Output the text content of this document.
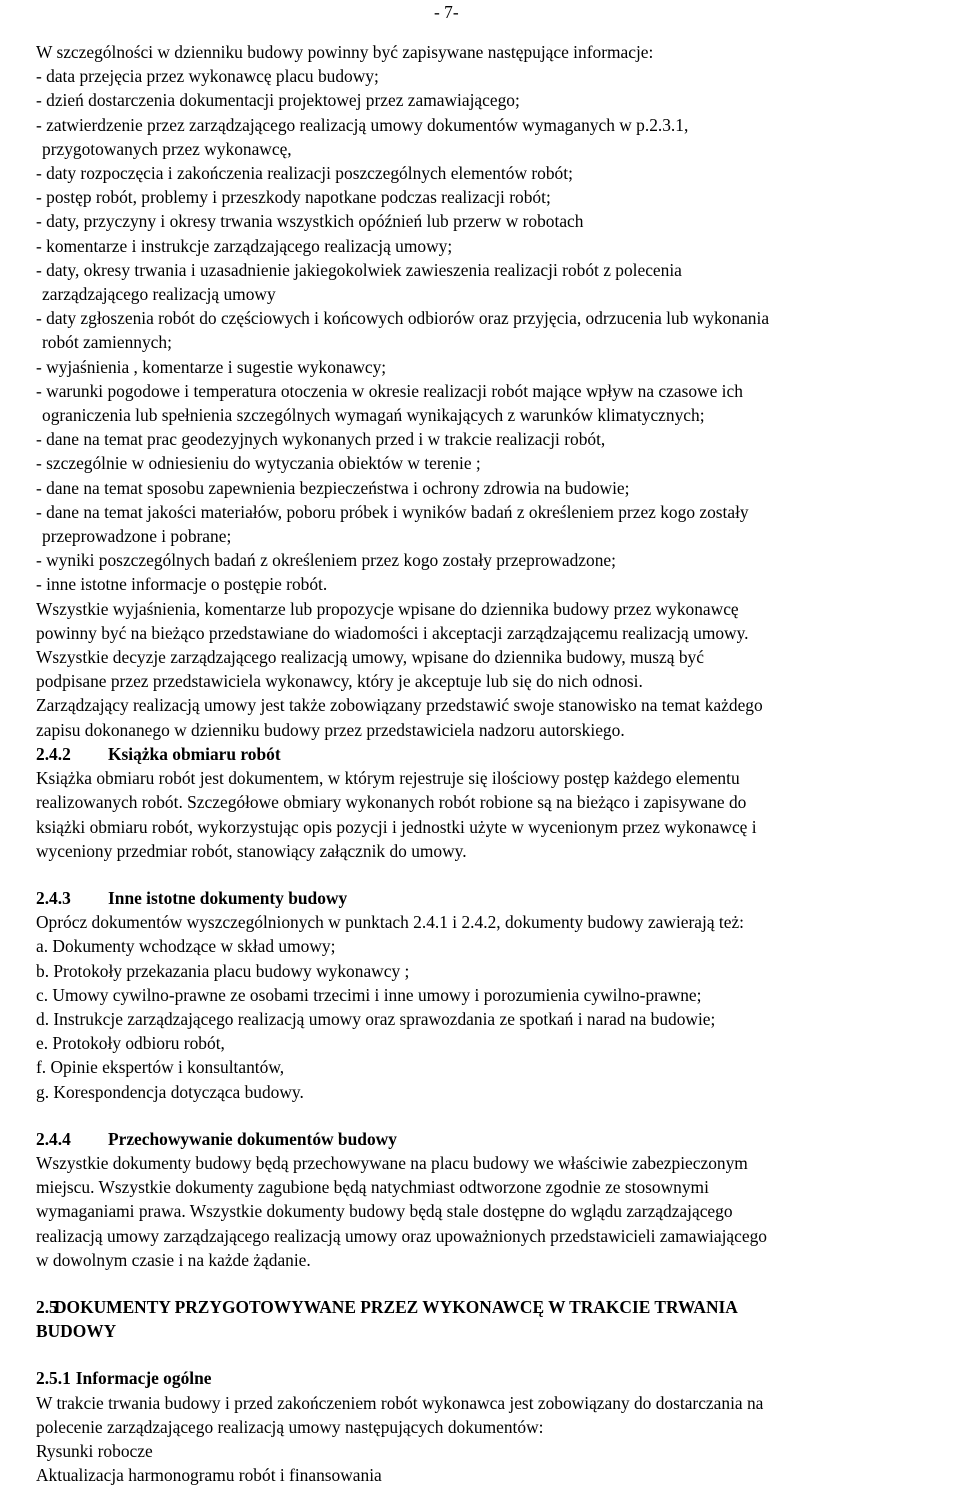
- 7-
W szczególności w dzienniku budowy powinny być zapisywane następujące informacje:
- data przejęcia przez wykonawcę placu budowy;
- dzień dostarczenia dokumentacji projektowej przez zamawiającego;
- zatwierdzenie przez zarządzającego realizacją umowy dokumentów wymaganych w p.2.3.1,
przygotowanych przez wykonawcę,
- daty rozpoczęcia i zakończenia realizacji poszczególnych elementów robót;
- postęp robót, problemy i przeszkody napotkane podczas realizacji robót;
- daty, przyczyny i okresy trwania wszystkich opóźnień lub przerw w robotach
- komentarze i instrukcje zarządzającego realizacją umowy;
- daty, okresy trwania i uzasadnienie jakiegokolwiek zawieszenia realizacji robót z polecenia
zarządzającego realizacją umowy
- daty zgłoszenia robót do częściowych i końcowych odbiorów oraz przyjęcia, odrzucenia lub wykonania
robót zamiennych;
- wyjaśnienia , komentarze i sugestie wykonawcy;
- warunki pogodowe i temperatura otoczenia w okresie realizacji robót mające wpływ na czasowe ich
ograniczenia lub spełnienia szczególnych wymagań wynikających z warunków klimatycznych;
- dane na temat prac geodezyjnych wykonanych przed i w trakcie realizacji robót,
- szczególnie w odniesieniu do wytyczania obiektów w terenie ;
- dane na temat sposobu zapewnienia bezpieczeństwa i ochrony zdrowia na budowie;
- dane na temat jakości materiałów, poboru próbek i wyników badań z określeniem przez kogo zostały
przeprowadzone i pobrane;
- wyniki poszczególnych badań z określeniem przez kogo zostały przeprowadzone;
- inne istotne informacje o postępie robót.
Wszystkie wyjaśnienia, komentarze lub propozycje wpisane do dziennika budowy przez wykonawcę
powinny być na bieżąco przedstawiane do wiadomości i akceptacji zarządzającemu realizacją umowy.
Wszystkie decyzje zarządzającego realizacją umowy, wpisane do dziennika budowy, muszą być
podpisane przez przedstawiciela wykonawcy, który je akceptuje lub się do nich odnosi.
Zarządzający realizacją umowy jest także zobowiązany przedstawić swoje stanowisko na temat każdego
zapisu dokonanego w dzienniku budowy przez przedstawiciela nadzoru autorskiego.
2.4.2 Książka obmiaru robót
Książka obmiaru robót jest dokumentem, w którym rejestruje się ilościowy postęp każdego elementu
realizowanych robót. Szczegółowe obmiary wykonanych robót robione są na bieżąco i zapisywane do
książki obmiaru robót, wykorzystując opis pozycji i jednostki użyte w wycenionym przez wykonawcę i
wyceniony przedmiar robót, stanowiący załącznik do umowy.
2.4.3 Inne istotne dokumenty budowy
Oprócz dokumentów wyszczególnionych w punktach 2.4.1 i 2.4.2, dokumenty budowy zawierają też:
a. Dokumenty wchodzące w skład umowy;
b. Protokoły przekazania placu budowy wykonawcy ;
c. Umowy cywilno-prawne ze osobami trzecimi i inne umowy i porozumienia cywilno-prawne;
d. Instrukcje zarządzającego realizacją umowy oraz sprawozdania ze spotkań i narad na budowie;
e. Protokoły odbioru robót,
f. Opinie ekspertów i konsultantów,
g. Korespondencja dotycząca budowy.
2.4.4 Przechowywanie dokumentów budowy
Wszystkie dokumenty budowy będą przechowywane na placu budowy we właściwie zabezpieczonym
miejscu. Wszystkie dokumenty zagubione będą natychmiast odtworzone zgodnie ze stosownymi
wymaganiami prawa. Wszystkie dokumenty budowy będą stale dostępne do wglądu zarządzającego
realizacją umowy zarządzającego realizacją umowy oraz upoważnionych przedstawicieli zamawiającego
w dowolnym czasie i na każde żądanie.
2.5DOKUMENTY PRZYGOTOWYWANE PRZEZ WYKONAWCĘ W TRAKCIE TRWANIA
BUDOWY
2.5.1 Informacje ogólne
W trakcie trwania budowy i przed zakończeniem robót wykonawca jest zobowiązany do dostarczania na
polecenie zarządzającego realizacją umowy następujących dokumentów:
Rysunki robocze
Aktualizacja harmonogramu robót i finansowania
